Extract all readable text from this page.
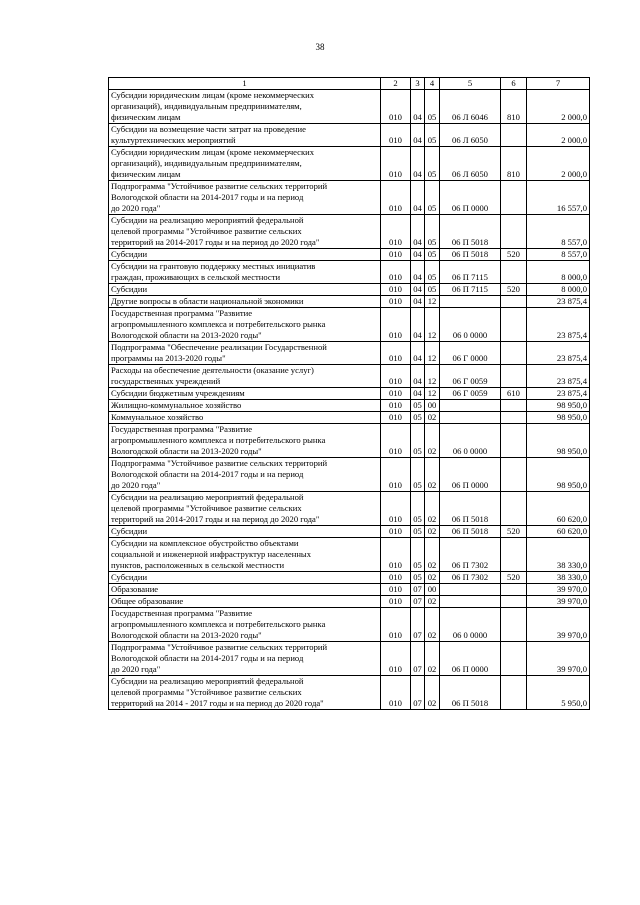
38
1	2	3	4	5	6	7

Субсидии юридическим лицам (кроме некоммерческих
организаций), индивидуальным предпринимателям,
физическим лицам	010	04	05	06 Л 6046	810	2 000,0

Субсидии на возмещение части затрат на проведение
культуртехнических мероприятий	010	04	05	06 Л 6050		2 000,0

Субсидии юридическим лицам (кроме некоммерческих
организаций), индивидуальным предпринимателям,
физическим лицам	010	04	05	06 Л 6050	810	2 000,0

Подпрограмма "Устойчивое развитие сельских территорий
Вологодской области на 2014-2017 годы и на период
до 2020 года"	010	04	05	06 П 0000		16 557,0

Субсидии на реализацию мероприятий федеральной
целевой программы "Устойчивое развитие сельских
территорий на 2014-2017 годы и на период до 2020 года"	010	04	05	06 П 5018		8 557,0

Субсидии	010	04	05	06 П 5018	520	8 557,0

Субсидии на грантовую поддержку местных инициатив
граждан, проживающих в сельской местности	010	04	05	06 П 7115		8 000,0

Субсидии	010	04	05	06 П 7115	520	8 000,0

Другие вопросы в области национальной экономики	010	04	12			23 875,4

Государственная программа "Развитие
агропромышленного комплекса и потребительского рынка
Вологодской области на 2013-2020 годы"	010	04	12	06 0 0000		23 875,4

Подпрограмма "Обеспечение реализации Государственной
программы на 2013-2020 годы"	010	04	12	06 Г 0000		23 875,4

Расходы на обеспечение деятельности (оказание услуг)
государственных учреждений	010	04	12	06 Г 0059		23 875,4

Субсидии бюджетным учреждениям	010	04	12	06 Г 0059	610	23 875,4

Жилищно-коммунальное хозяйство	010	05	00			98 950,0

Коммунальное хозяйство	010	05	02			98 950,0

Государственная программа "Развитие
агропромышленного комплекса и потребительского рынка
Вологодской области на 2013-2020 годы"	010	05	02	06 0 0000		98 950,0

Подпрограмма "Устойчивое развитие сельских территорий
Вологодской области на 2014-2017 годы и на период
до 2020 года"	010	05	02	06 П 0000		98 950,0

Субсидии на реализацию мероприятий федеральной
целевой программы "Устойчивое развитие сельских
территорий на 2014-2017 годы и на период до 2020 года"	010	05	02	06 П 5018		60 620,0

Субсидии	010	05	02	06 П 5018	520	60 620,0

Субсидии на комплексное обустройство объектами
социальной и инженерной инфраструктур населенных
пунктов, расположенных в сельской местности	010	05	02	06 П 7302		38 330,0

Субсидии	010	05	02	06 П 7302	520	38 330,0

Образование	010	07	00			39 970,0

Общее образование	010	07	02			39 970,0

Государственная программа "Развитие
агропромышленного комплекса и потребительского рынка
Вологодской области на 2013-2020 годы"	010	07	02	06 0 0000		39 970,0

Подпрограмма "Устойчивое развитие сельских территорий
Вологодской области на 2014-2017 годы и на период
до 2020 года"	010	07	02	06 П 0000		39 970,0

Субсидии на реализацию мероприятий федеральной
целевой программы "Устойчивое развитие сельских
территорий на 2014 - 2017 годы и на период до 2020 года"	010	07	02	06 П 5018		5 950,0
